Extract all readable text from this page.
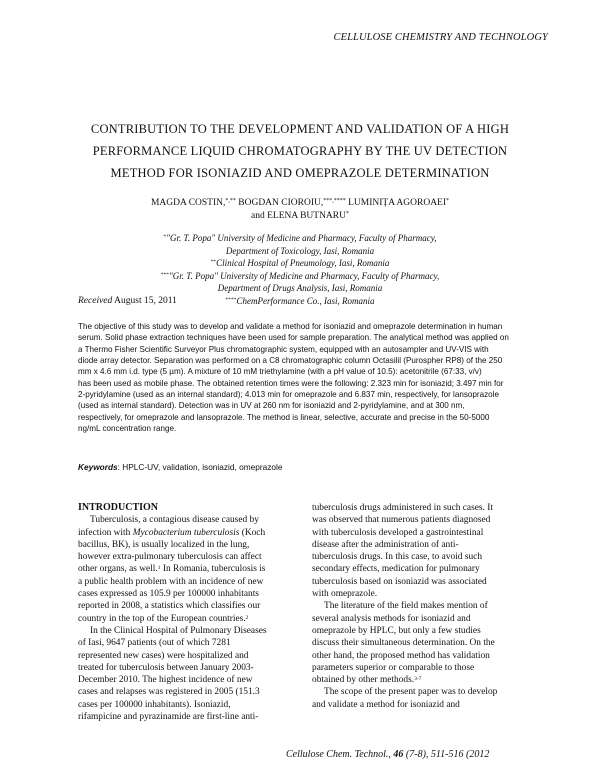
CELLULOSE CHEMISTRY AND TECHNOLOGY
CONTRIBUTION TO THE DEVELOPMENT AND VALIDATION OF A HIGH
PERFORMANCE LIQUID CHROMATOGRAPHY BY THE UV DETECTION
METHOD FOR ISONIAZID AND OMEPRAZOLE DETERMINATION
MAGDA COSTIN,*,** BOGDAN CIOROIU,***,**** LUMINIȚA AGOROAEI*
and ELENA BUTNARU*
*"Gr. T. Popa" University of Medicine and Pharmacy, Faculty of Pharmacy,
Department of Toxicology, Iasi, Romania
**Clinical Hospital of Pneumology, Iasi, Romania
***"Gr. T. Popa" University of Medicine and Pharmacy, Faculty of Pharmacy,
Department of Drugs Analysis, Iasi, Romania
****ChemPerformance Co., Iasi, Romania
Received August 15, 2011
The objective of this study was to develop and validate a method for isoniazid and omeprazole determination in human
serum. Solid phase extraction techniques have been used for sample preparation. The analytical method was applied on
a Thermo Fisher Scientific Surveyor Plus chromatographic system, equipped with an autosampler and UV-VIS with
diode array detector. Separation was performed on a C8 chromatographic column Octasilil (Purospher RP8) of the 250
mm x 4.6 mm i.d. type (5 µm). A mixture of 10 mM triethylamine (with a pH value of 10.5): acetonitrile (67:33, v/v)
has been used as mobile phase. The obtained retention times were the following: 2.323 min for isoniazid; 3.497 min for
2-pyridylamine (used as an internal standard); 4.013 min for omeprazole and 6.837 min, respectively, for lansoprazole
(used as internal standard). Detection was in UV at 260 nm for isoniazid and 2-pyridylamine, and at 300 nm,
respectively, for omeprazole and lansoprazole. The method is linear, selective, accurate and precise in the 50-5000
ng/mL concentration range.
Keywords: HPLC-UV, validation, isoniazid, omeprazole
INTRODUCTION
Tuberculosis, a contagious disease caused by
infection with Mycobacterium tuberculosis (Koch
bacillus, BK), is usually localized in the lung,
however extra-pulmonary tuberculosis can affect
other organs, as well.$^1$ In Romania, tuberculosis is
a public health problem with an incidence of new
cases expressed as 105.9 per 100000 inhabitants
reported in 2008, a statistics which classifies our
country in the top of the European countries.$^2$
In the Clinical Hospital of Pulmonary Diseases
of Iasi, 9647 patients (out of which 7281
represented new cases) were hospitalized and
treated for tuberculosis between January 2003-
December 2010. The highest incidence of new
cases and relapses was registered in 2005 (151.3
cases per 100000 inhabitants). Isoniazid,
rifampicine and pyrazinamide are first-line anti-
tuberculosis drugs administered in such cases. It
was observed that numerous patients diagnosed
with tuberculosis developed a gastrointestinal
disease after the administration of anti-
tuberculosis drugs. In this case, to avoid such
secondary effects, medication for pulmonary
tuberculosis based on isoniazid was associated
with omeprazole.
The literature of the field makes mention of
several analysis methods for isoniazid and
omeprazole by HPLC, but only a few studies
discuss their simultaneous determination. On the
other hand, the proposed method has validation
parameters superior or comparable to those
obtained by other methods.$^{3-7}$
The scope of the present paper was to develop
and validate a method for isoniazid and
Cellulose Chem. Technol., 46 (7-8), 511-516 (2012
